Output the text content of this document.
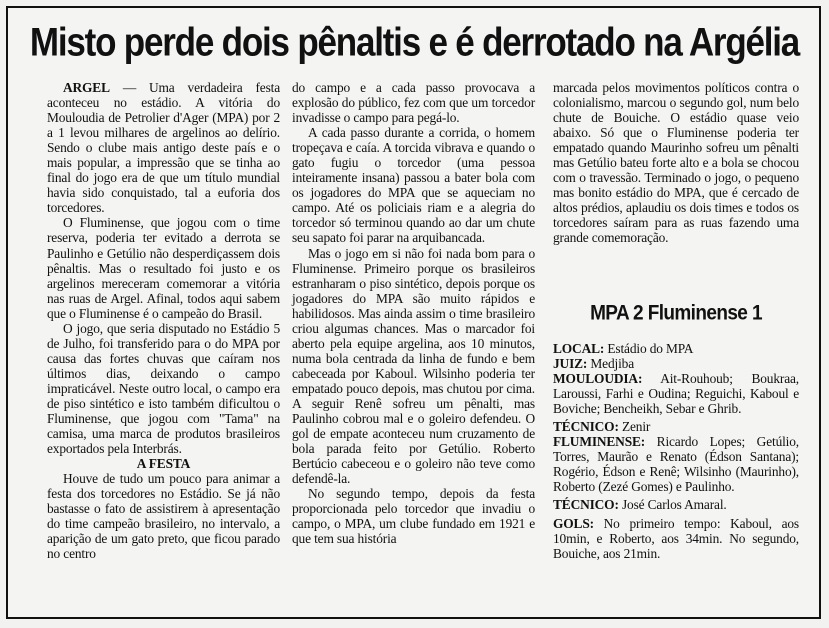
Misto perde dois pênaltis e é derrotado na Argélia

ARGEL — Uma verdadeira festa aconteceu no estádio. A vitória do Mouloudia de Petrolier d'Ager (MPA) por 2 a 1 levou milhares de argelinos ao delírio. Sendo o clube mais antigo deste país e o mais popular, a impressão que se tinha ao final do jogo era de que um título mundial havia sido conquistado, tal a euforia dos torcedores.

O Fluminense, que jogou com o time reserva, poderia ter evitado a derrota se Paulinho e Getúlio não desperdiçassem dois pênaltis. Mas o resultado foi justo e os argelinos mereceram comemorar a vitória nas ruas de Argel. Afinal, todos aqui sabem que o Fluminense é o campeão do Brasil.

O jogo, que seria disputado no Estádio 5 de Julho, foi transferido para o do MPA por causa das fortes chuvas que caíram nos últimos dias, deixando o campo impraticável. Neste outro local, o campo era de piso sintético e isto também dificultou o Fluminense, que jogou com "Tama" na camisa, uma marca de produtos brasileiros exportados pela Interbrás.

A FESTA

Houve de tudo um pouco para animar a festa dos torcedores no Estádio. Se já não bastasse o fato de assistirem à apresentação do time campeão brasileiro, no intervalo, a aparição de um gato preto, que ficou parado no centro

do campo e a cada passo provocava a explosão do público, fez com que um torcedor invadisse o campo para pegá-lo.

A cada passo durante a corrida, o homem tropeçava e caía. A torcida vibrava e quando o gato fugiu o torcedor (uma pessoa inteiramente insana) passou a bater bola com os jogadores do MPA que se aqueciam no campo. Até os policiais riam e a alegria do torcedor só terminou quando ao dar um chute seu sapato foi parar na arquibancada.

Mas o jogo em si não foi nada bom para o Fluminense. Primeiro porque os brasileiros estranharam o piso sintético, depois porque os jogadores do MPA são muito rápidos e habilidosos. Mas ainda assim o time brasileiro criou algumas chances. Mas o marcador foi aberto pela equipe argelina, aos 10 minutos, numa bola centrada da linha de fundo e bem cabeceada por Kaboul. Wilsinho poderia ter empatado pouco depois, mas chutou por cima. A seguir Renê sofreu um pênalti, mas Paulinho cobrou mal e o goleiro defendeu. O gol de empate aconteceu num cruzamento de bola parada feito por Getúlio. Roberto Bertúcio cabeceou e o goleiro não teve como defendê-la.

No segundo tempo, depois da festa proporcionada pelo torcedor que invadiu o campo, o MPA, um clube fundado em 1921 e que tem sua história

marcada pelos movimentos políticos contra o colonialismo, marcou o segundo gol, num belo chute de Bouiche. O estádio quase veio abaixo. Só que o Fluminense poderia ter empatado quando Maurinho sofreu um pênalti mas Getúlio bateu forte alto e a bola se chocou com o travessão. Terminado o jogo, o pequeno mas bonito estádio do MPA, que é cercado de altos prédios, aplaudiu os dois times e todos os torcedores saíram para as ruas fazendo uma grande comemoração.

MPA 2 Fluminense 1

LOCAL: Estádio do MPA
JUIZ: Medjiba
MOULOUDIA: Ait-Rouhoub; Boukraa, Laroussi, Farhi e Oudina; Reguichi, Kaboul e Boviche; Bencheikh, Sebar e Ghrib.

TÉCNICO: Zenir
FLUMINENSE: Ricardo Lopes; Getúlio, Torres, Maurão e Renato (Édson Santana); Rogério, Édson e Renê; Wilsinho (Maurinho), Roberto (Zezé Gomes) e Paulinho.

TÉCNICO: José Carlos Amaral.

GOLS: No primeiro tempo: Kaboul, aos 10min, e Roberto, aos 34min. No segundo, Bouiche, aos 21min.
